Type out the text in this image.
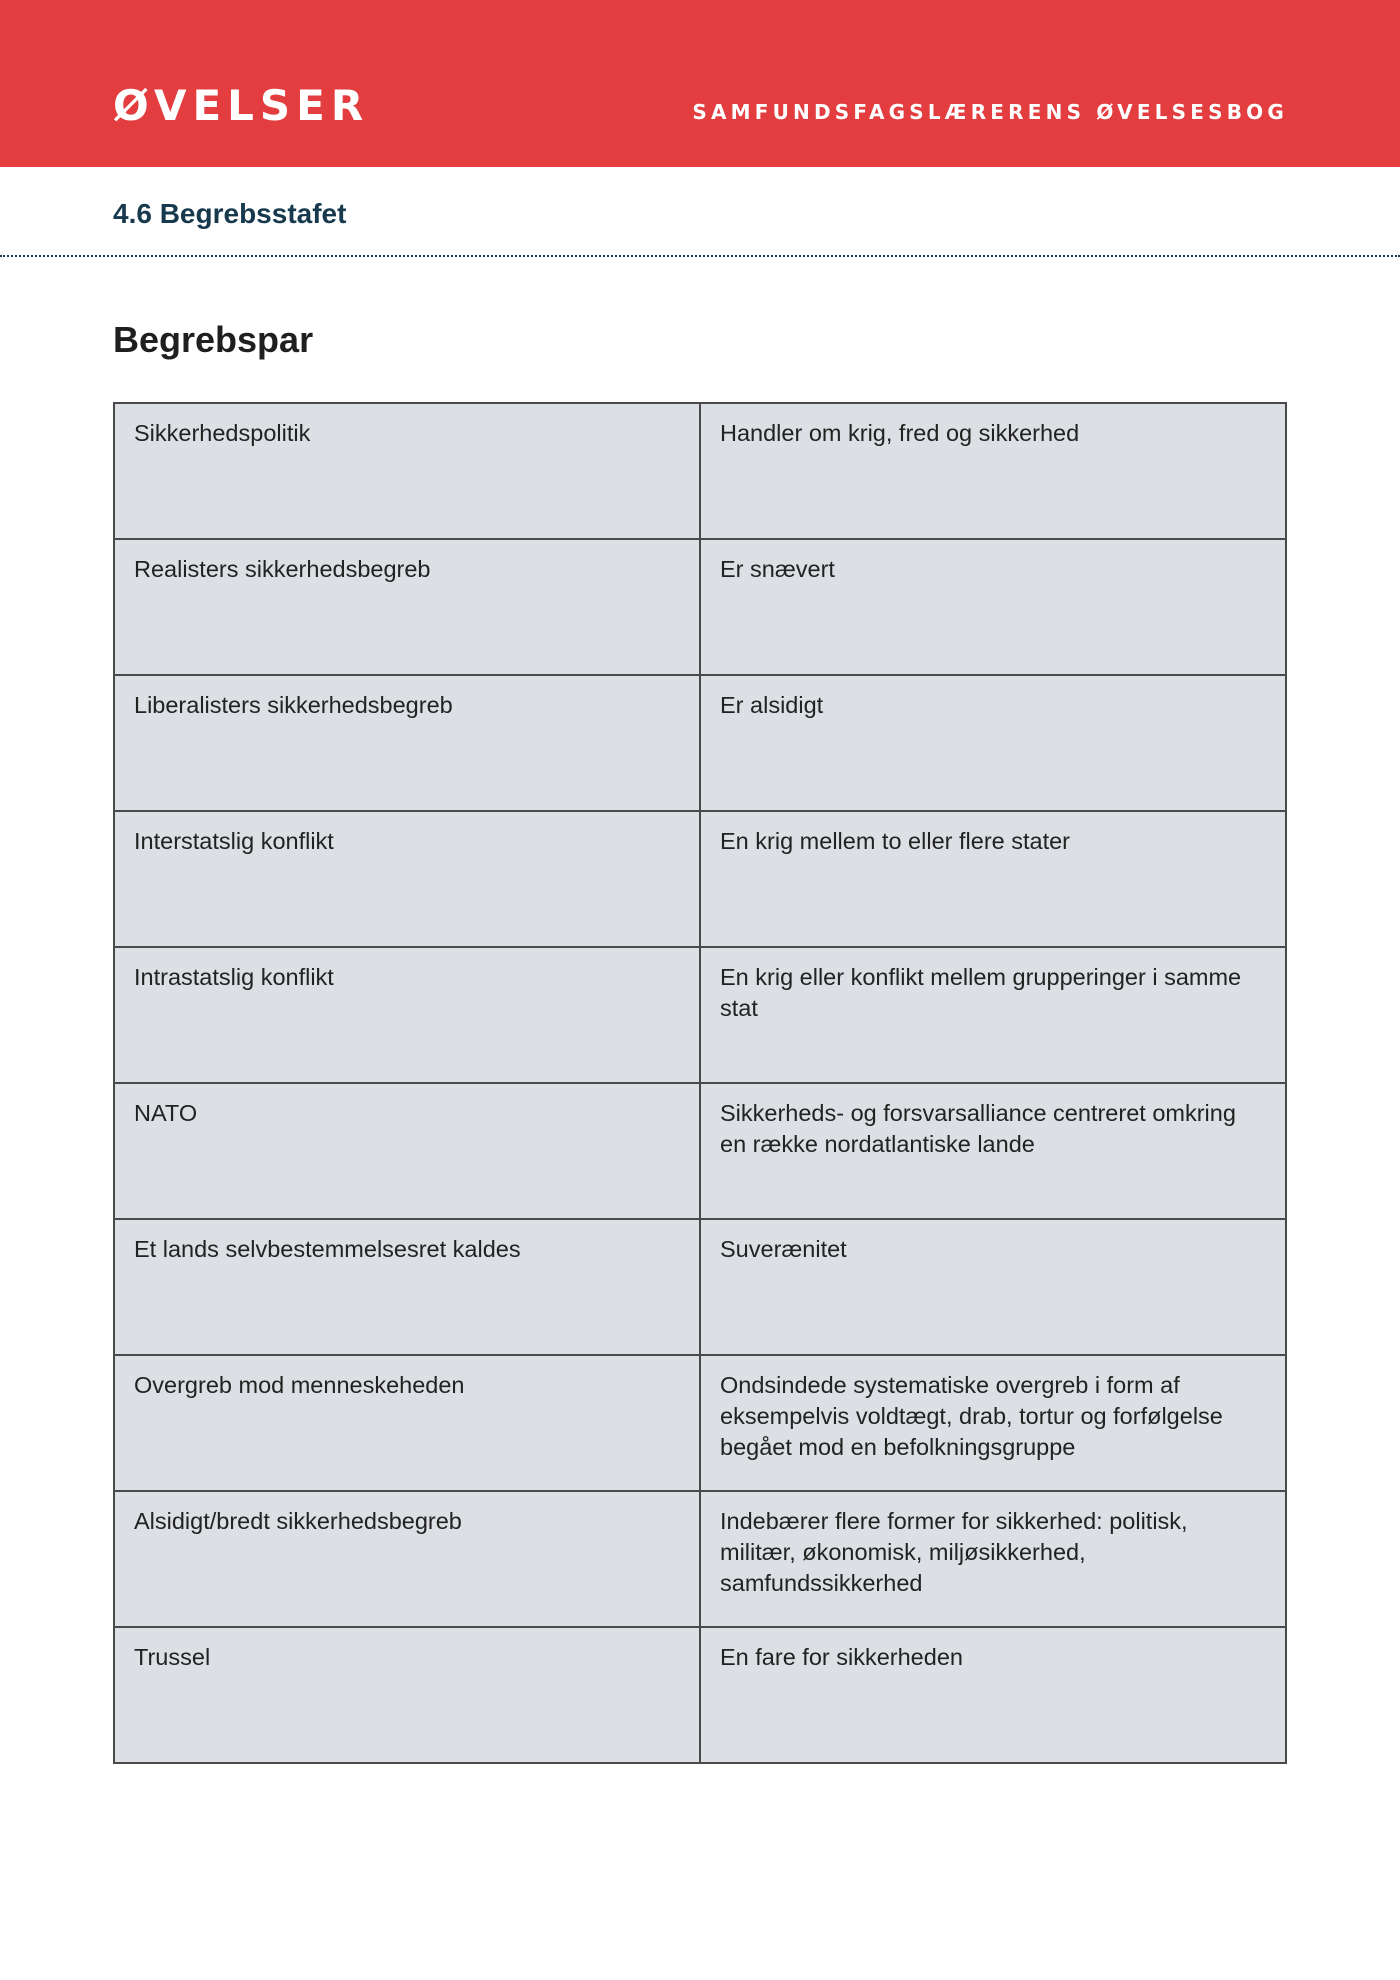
ØVELSER	SAMFUNDSFAGSLÆRERENS ØVELSESBOG
4.6 Begrebsstafet
Begrebspar
Sikkerhedspolitik	Handler om krig, fred og sikkerhed
Realisters sikkerhedsbegreb	Er snævert
Liberalisters sikkerhedsbegreb	Er alsidigt
Interstatslig konflikt	En krig mellem to eller flere stater
Intrastatslig konflikt	En krig eller konflikt mellem grupperinger i samme stat
NATO	Sikkerheds- og forsvarsalliance centreret omkring en række nordatlantiske lande
Et lands selvbestemmelsesret kaldes	Suverænitet
Overgreb mod menneskeheden	Ondsindede systematiske overgreb i form af eksempelvis voldtægt, drab, tortur og forfølgelse begået mod en befolkningsgruppe
Alsidigt/bredt sikkerhedsbegreb	Indebærer flere former for sikkerhed: politisk, militær, økonomisk, miljøsikkerhed, samfundssikkerhed
Trussel	En fare for sikkerheden
